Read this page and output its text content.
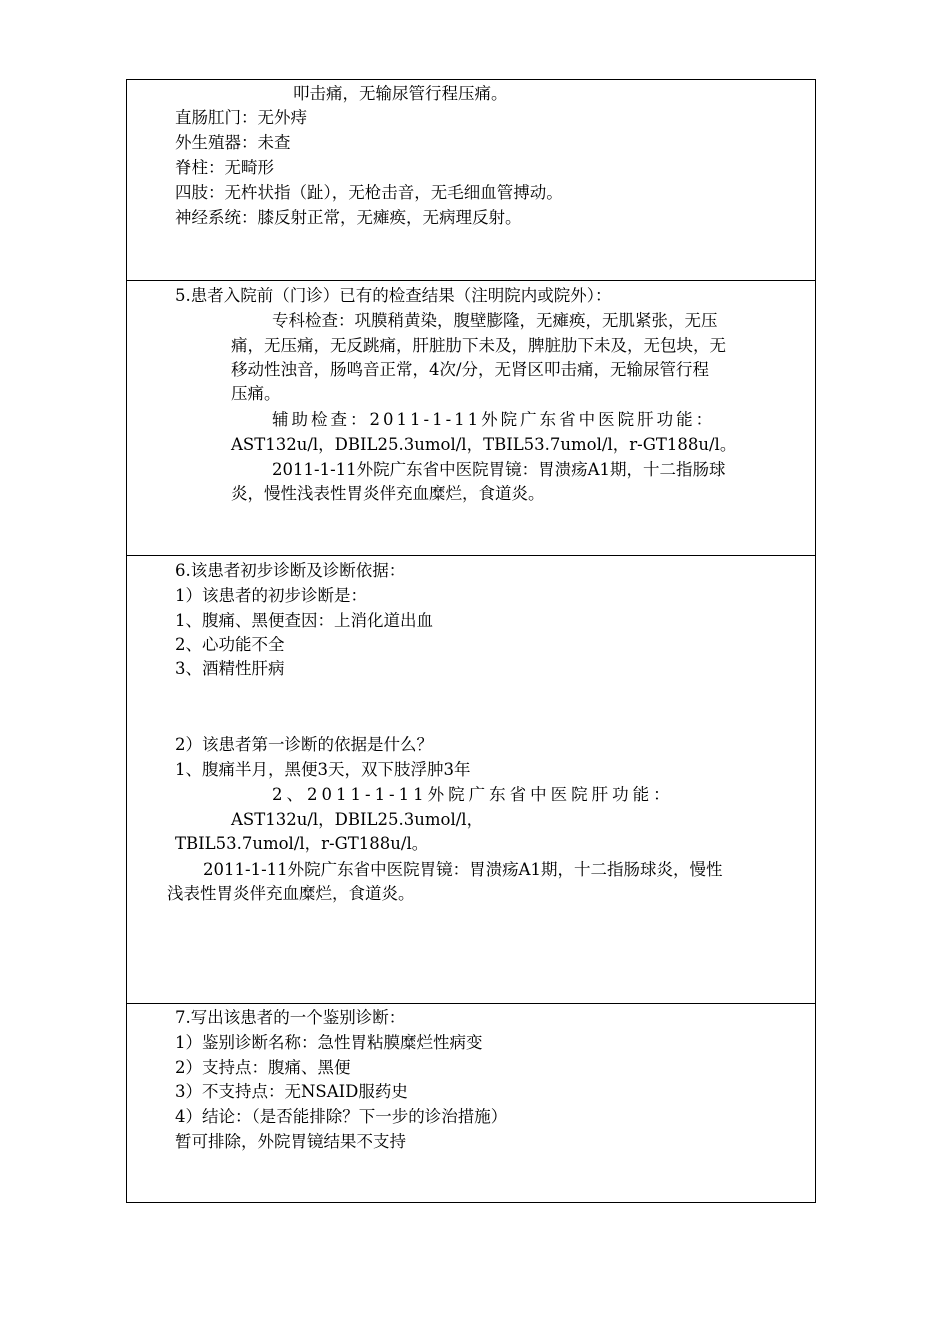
叩击痛，无输尿管行程压痛。
直肠肛门：无外痔
外生殖器：未查
脊柱：无畸形
四肢：无杵状指（趾），无枪击音，无毛细血管搏动。
神经系统：膝反射正常，无瘫痪，无病理反射。
5.患者入院前（门诊）已有的检查结果（注明院内或院外）：
专科检查：巩膜稍黄染，腹壁膨隆，无瘫痪，无肌紧张，无压
痛，无压痛，无反跳痛，肝脏肋下未及，脾脏肋下未及，无包块，无
移动性浊音，肠鸣音正常，4次/分，无肾区叩击痛，无输尿管行程
压痛。
辅助检查：2011-1-11外院广东省中医院肝功能：
AST132u/l，DBIL25.3umol/l，TBIL53.7umol/l，r-GT188u/l。
2011-1-11外院广东省中医院胃镜：胃溃疡A1期，十二指肠球
炎，慢性浅表性胃炎伴充血糜烂，食道炎。
6.该患者初步诊断及诊断依据：
1）该患者的初步诊断是：
1、腹痛、黑便查因：上消化道出血
2、心功能不全
3、酒精性肝病
2）该患者第一诊断的依据是什么？
1、腹痛半月，黑便3天，双下肢浮肿3年
2、2011-1-11外院广东省中医院肝功能：
AST132u/l，DBIL25.3umol/l，
TBIL53.7umol/l，r-GT188u/l。
2011-1-11外院广东省中医院胃镜：胃溃疡A1期，十二指肠球炎，慢性
浅表性胃炎伴充血糜烂，食道炎。
7.写出该患者的一个鉴别诊断：
1）鉴别诊断名称：急性胃粘膜糜烂性病变
2）支持点：腹痛、黑便
3）不支持点：无NSAID服药史
4）结论：（是否能排除？下一步的诊治措施）
暂可排除，外院胃镜结果不支持
